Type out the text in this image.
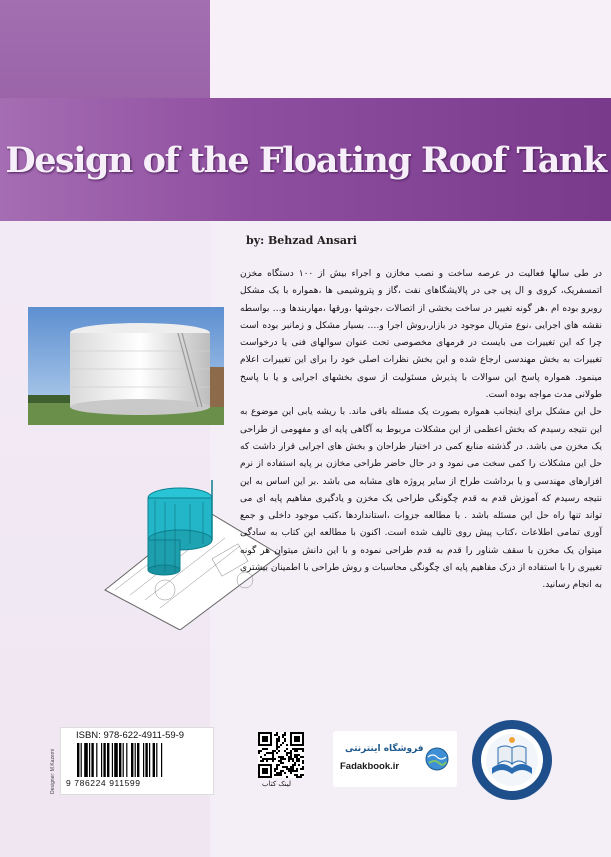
Design of the Floating Roof Tank
by: Behzad Ansari

در طی سالها فعالیت در عرصه ساخت و نصب مخازن و اجراء بیش از ۱۰۰ دستگاه مخزن اتمسفریک، کروی و ال پی جی در پالایشگاهای نفت ،گاز و پتروشیمی ها ،همواره با یک مشکل روبرو بوده ام ،هر گونه تغییر در ساخت بخشی از اتصالات ،جوشها ،ورقها ،مهاربندها و… بواسطه نقشه های اجرایی ،نوع متریال موجود در بازار،روش اجرا و…. بسیار مشکل و زمانبر بوده است چرا که این تغییرات می بایست در فرمهای مخصوصی تحت عنوان سوالهای فنی یا درخواست تغییرات به بخش مهندسی ارجاع شده و این بخش نظرات اصلی خود را برای این تغییرات اعلام مینمود. همواره پاسخ این سوالات با پذیرش مسئولیت از سوی بخشهای اجرایی و یا با پاسخ طولانی مدت مواجه بوده است.

حل این مشکل برای اینجانب همواره بصورت یک مسئله باقی ماند. با ریشه یابی این موضوع به این نتیجه رسیدم که بخش اعظمی از این مشکلات مربوط به آگاهی پایه ای و مفهومی از طراحی یک مخزن می باشد. در گذشته منابع کمی در اختیار طراحان و بخش های اجرایی قرار داشت که حل این مشکلات را کمی سخت می نمود و در حال حاضر طراحی مخازن بر پایه استفاده از نرم افزارهای مهندسی و یا برداشت طراح از سایر پروژه های مشابه می باشد .بر این اساس به این نتیجه رسیدم که آموزش قدم به قدم چگونگی طراحی یک مخزن و یادگیری مفاهیم پایه ای می تواند تنها راه حل این مسئله باشد . با مطالعه جزوات ،استانداردها ،کتب موجود داخلی و جمع آوری تمامی اطلاعات ،کتاب پیش روی تالیف شده است. اکنون با مطالعه این کتاب به سادگی میتوان یک مخزن با سقف شناور را قدم به قدم طراحی نموده و با این دانش میتوان هر گونه تغییری را با استفاده از درک مفاهیم پایه ای چگونگی محاسبات و روش طراحی با اطمینان بیشتری به انجام رسانید.

ISBN: 978-622-4911-59-9
9 786224 911599
Designer: M.Kazemi	لینک کتاب
فروشگاه اینترنتی
Fadakbook.ir
